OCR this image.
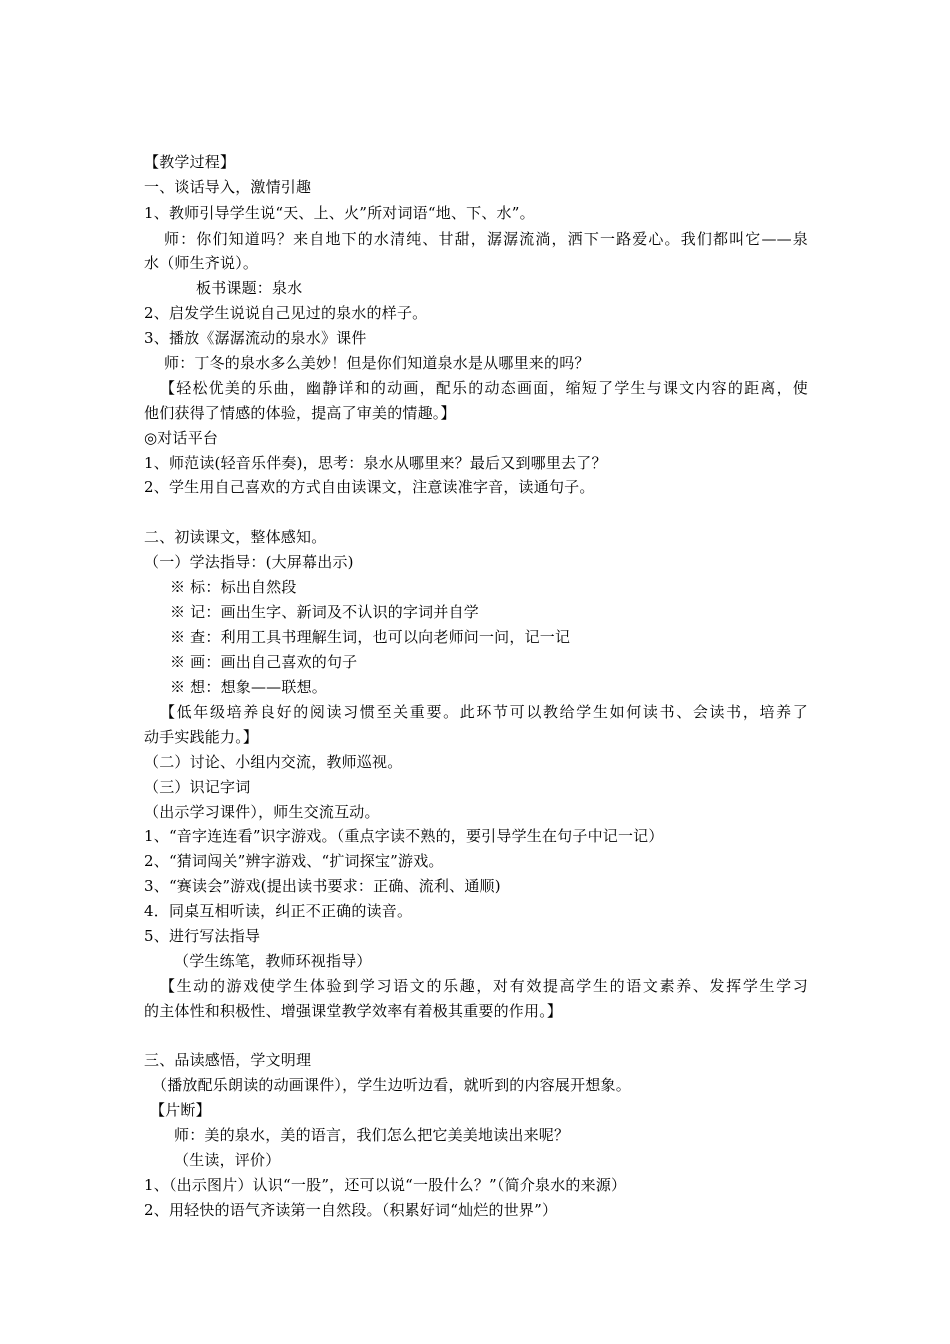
【教学过程】
一、谈话导入，激情引趣
1、教师引导学生说“天、上、火”所对词语“地、下、水”。
师：你们知道吗？来自地下的水清纯、甘甜，潺潺流淌，洒下一路爱心。我们都叫它——泉
水（师生齐说）。
板书课题：泉水
2、启发学生说说自己见过的泉水的样子。
3、播放《潺潺流动的泉水》课件
师：丁冬的泉水多么美妙！但是你们知道泉水是从哪里来的吗？
【轻松优美的乐曲，幽静详和的动画，配乐的动态画面，缩短了学生与课文内容的距离，使
他们获得了情感的体验，提高了审美的情趣。】
◎对话平台
1、师范读(轻音乐伴奏)，思考：泉水从哪里来？最后又到哪里去了？
2、学生用自己喜欢的方式自由读课文，注意读准字音，读通句子。
二、初读课文，整体感知。
（一）学法指导：(大屏幕出示)
※ 标：标出自然段
※ 记：画出生字、新词及不认识的字词并自学
※ 查：利用工具书理解生词，也可以向老师问一问，记一记
※ 画：画出自己喜欢的句子
※ 想：想象——联想。
【低年级培养良好的阅读习惯至关重要。此环节可以教给学生如何读书、会读书，培养了
动手实践能力。】
（二）讨论、小组内交流，教师巡视。
（三）识记字词
（出示学习课件），师生交流互动。
1、“音字连连看”识字游戏。（重点字读不熟的，要引导学生在句子中记一记）
2、“猜词闯关”辨字游戏、“扩词探宝”游戏。
3、“赛读会”游戏(提出读书要求：正确、流利、通顺)
4．同桌互相听读，纠正不正确的读音。
5、进行写法指导
（学生练笔，教师环视指导）
【生动的游戏使学生体验到学习语文的乐趣，对有效提高学生的语文素养、发挥学生学习
的主体性和积极性、增强课堂教学效率有着极其重要的作用。】
三、品读感悟，学文明理
（播放配乐朗读的动画课件），学生边听边看，就听到的内容展开想象。
【片断】
师：美的泉水，美的语言，我们怎么把它美美地读出来呢？
（生读，评价）
1、（出示图片）认识“一股”，还可以说“一股什么？”（简介泉水的来源）
2、用轻快的语气齐读第一自然段。（积累好词“灿烂的世界”）
